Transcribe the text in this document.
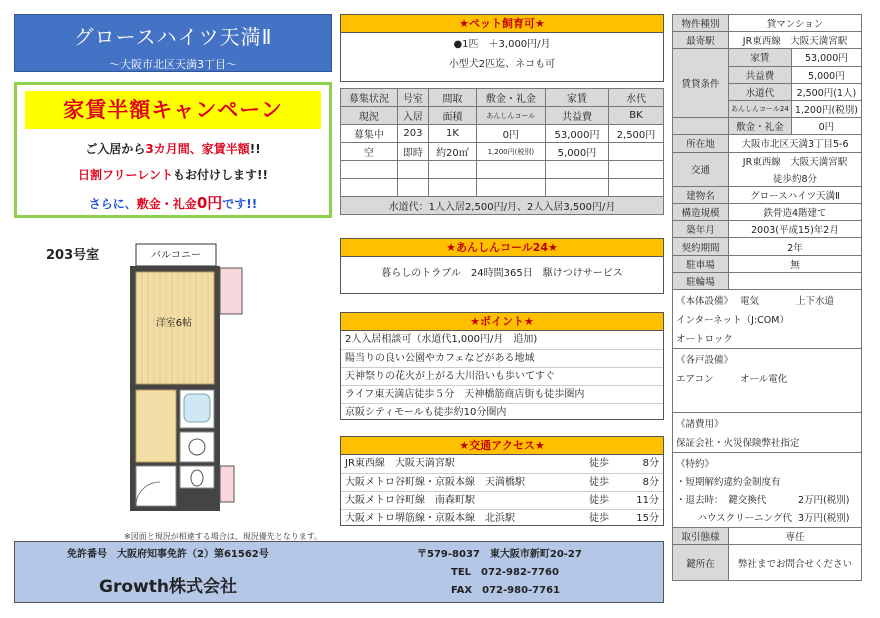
グロースハイツ天満Ⅱ
〜大阪市北区天満3丁目〜
家賃半額キャンペーン
ご入居から3カ月間、家賃半額!!
日割フリーレントもお付けします!!
さらに、敷金・礼金0円です!!
203号室	バルコニー
洋室6帖
※図面と現況が相違する場合は、現況優先となります。
★ペット飼育可★
●1匹　＋3,000円/月
小型犬2匹迄、ネコも可
募集状況	号室	間取	敷金・礼金	家賃	水代
現況	入居	面積	あんしんコール	共益費	BK
募集中	203	1K	0円	53,000円	2,500円
空	即時	約20㎡	1,200円(税別)	5,000円	

水道代：1人入居2,500円/月、2人入居3,500円/月					
★あんしんコール24★
暮らしのトラブル　24時間365日　駆けつけサービス
★ポイント★
2人入居相談可（水道代1,000円/月　追加)
陽当りの良い公園やカフェなどがある地域
天神祭りの花火が上がる大川沿いも歩いてすぐ
ライフ東天満店徒歩５分　天神橋筋商店街も徒歩圏内
京阪シティモールも徒歩約10分圏内
★交通アクセス★
JR東西線　大阪天満宮駅	徒歩	8分
大阪メトロ谷町線・京阪本線　天満橋駅	徒歩	8分
大阪メトロ谷町線　南森町駅	徒歩	11分
大阪メトロ堺筋線・京阪本線　北浜駅	徒歩	15分
免許番号　大阪府知事免許（2）第61562号
Growth株式会社
〒579-8037　東大阪市新町20-27
TEL　072-982-7760
FAX　072-980-7761
物件種別	貸マンション	
最寄駅	JR東西線　大阪天満宮駅	
賃貸条件	家賃	53,000円
	共益費	5,000円
	水道代	2,500円(1人)
	あんしんコール24	1,200円(税別)
	敷金・礼金	0円
所在地	大阪市北区天満3丁目5-6	
交通	JR東西線　大阪天満宮駅	
	徒歩約8分	
建物名	グロースハイツ天満Ⅱ	
構造規模	鉄骨造4階建て	
築年月	2003(平成15)年2月	
契約期間	2年	
駐車場	無	
駐輪場		
《本体設備》 電気 上下水道
インターネット（J:COM）
オートロック		

《各戸設備》
エアコン オール電化		

《諸費用》
保証会社・火災保険弊社指定		

《特約》
・短期解約違約金制度有
・退去時：　鍵交換代 2万円(税別)
ハウスクリーニング代 3万円(税別)		

取引態様	専任	
鍵所在	弊社までお問合せください	
